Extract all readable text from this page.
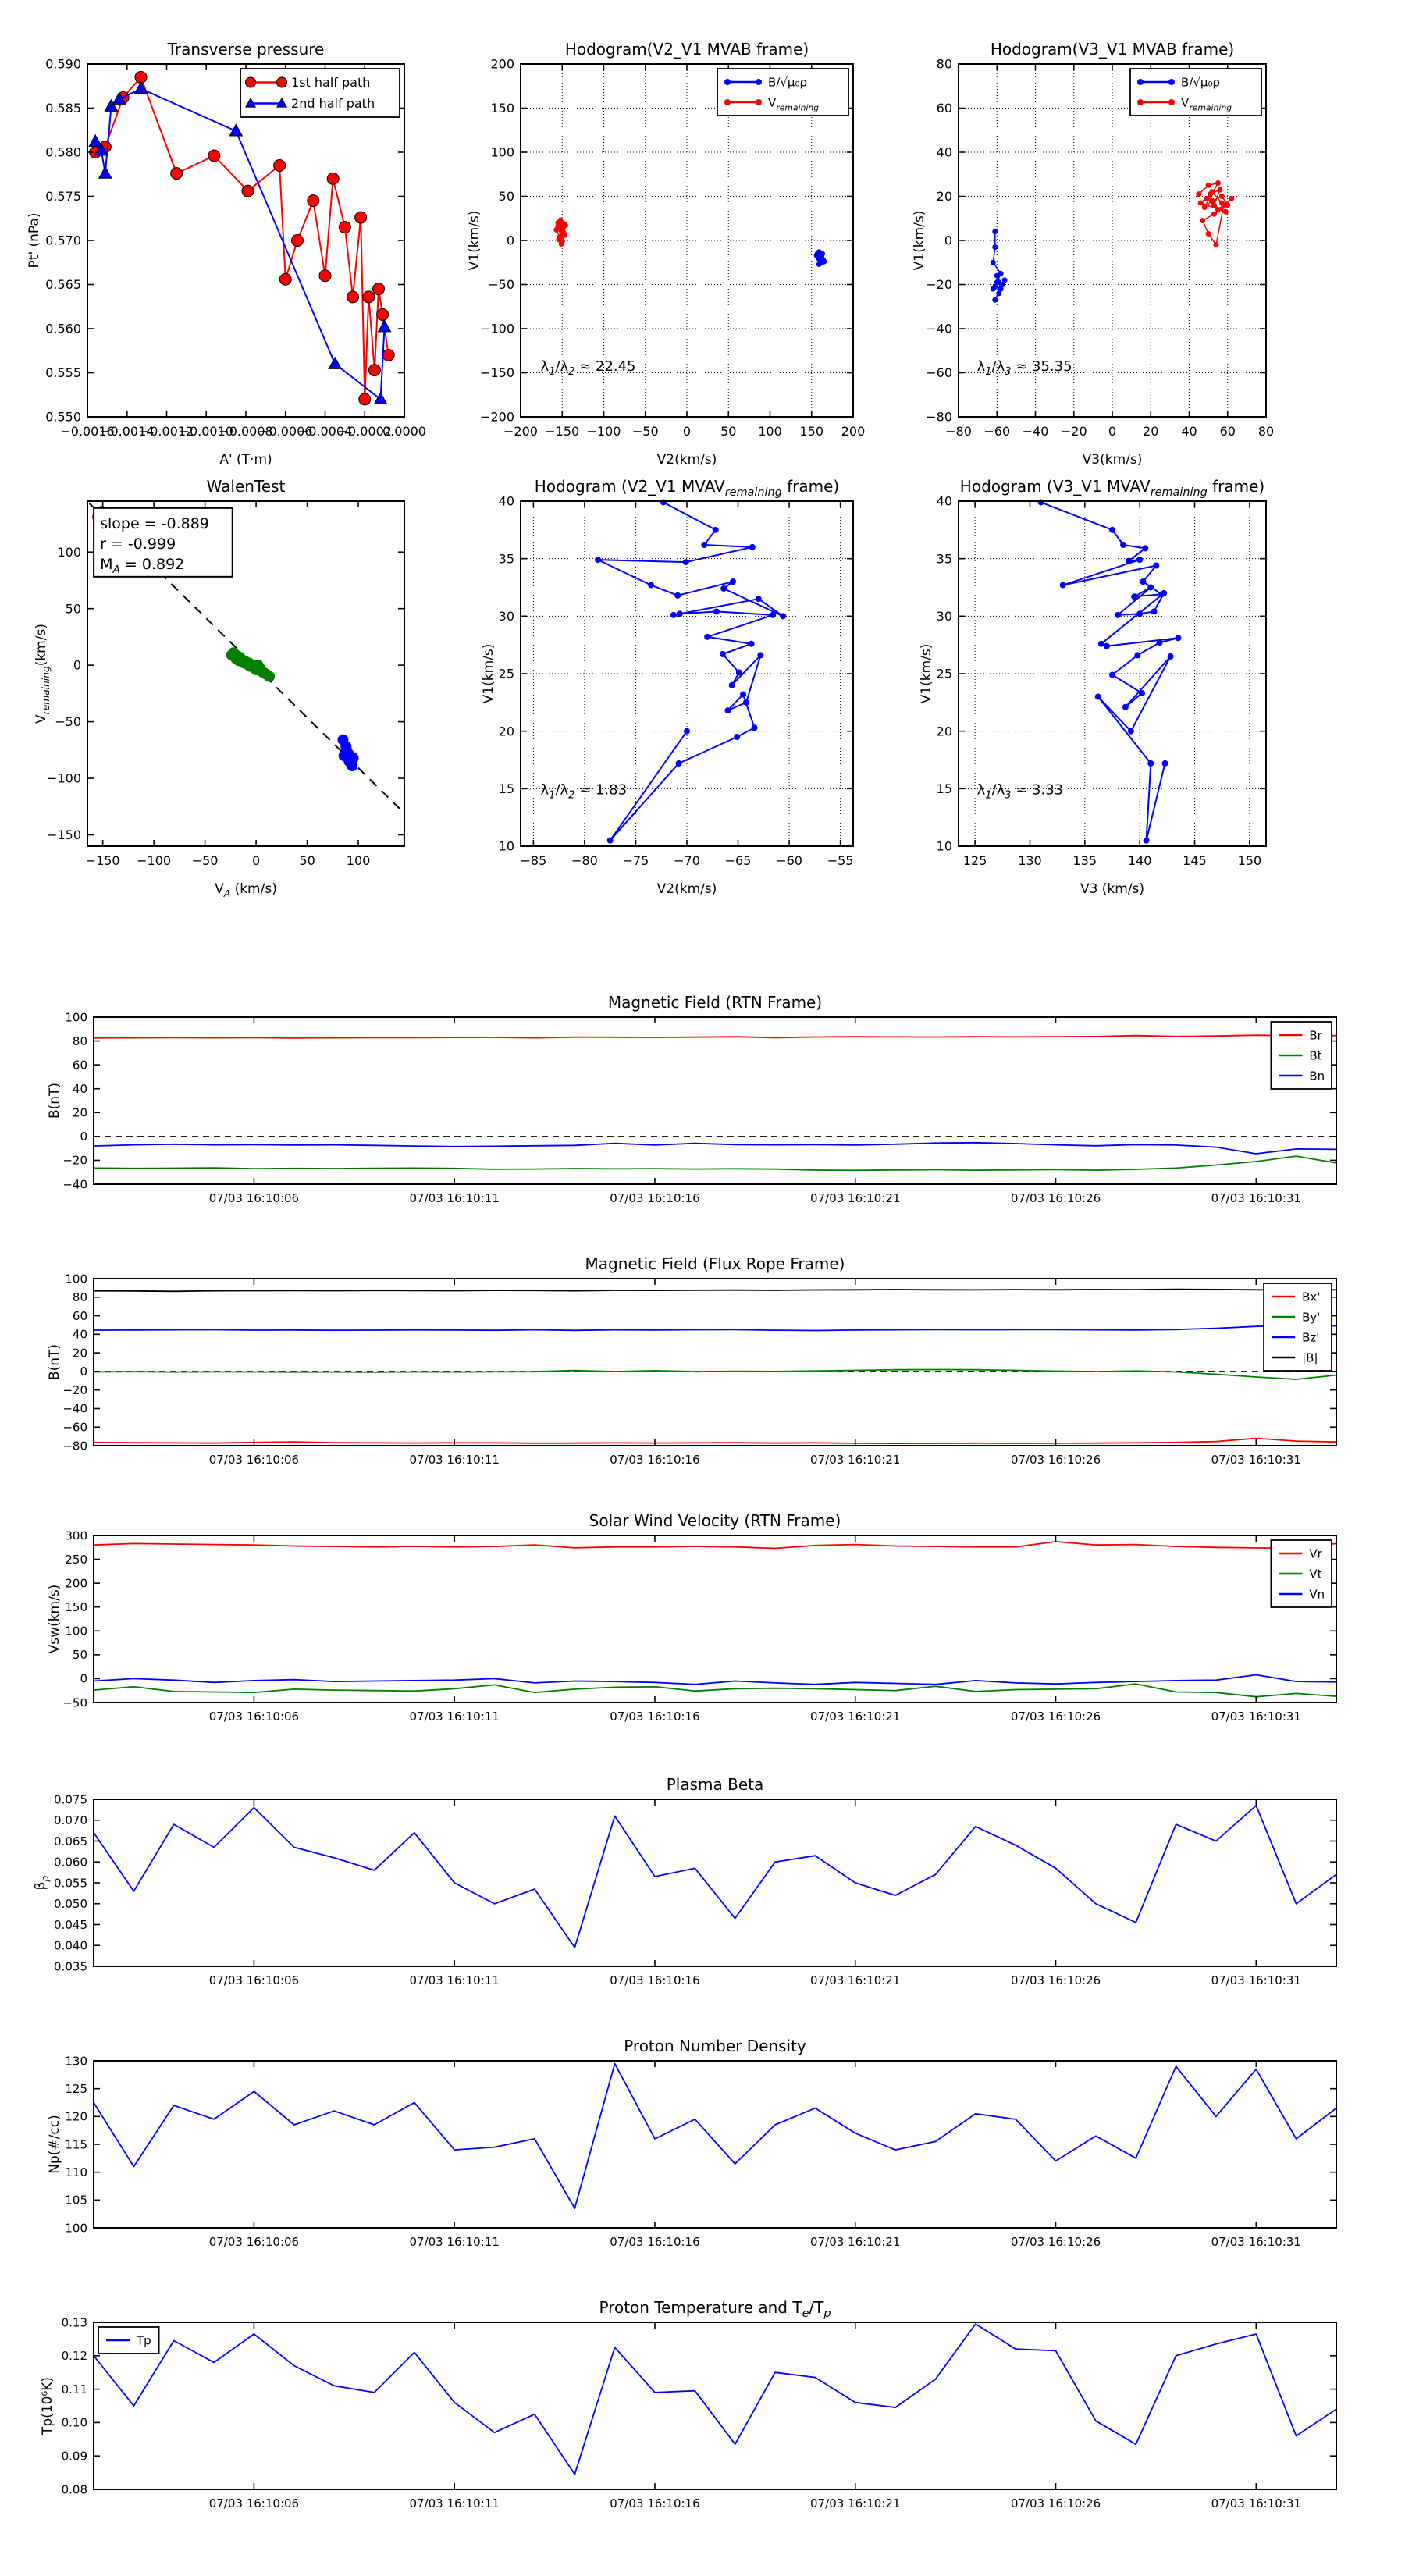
−0.0016
−0.0014
−0.0012
−0.0010
−0.0008
−0.0006
−0.0004
−0.0002
0.0000
0.550
0.555
0.560
0.565
0.570
0.575
0.580
0.585
0.590
Transverse pressure
A' (T·m)
Pt' (nPa)
1st half path
2nd half path
−200 −150 −100 −50 0 50 100 150 200
−200
−150
−100
−50
0
50
100
150
200
Hodogram(V2_V1 MVAB frame)
V2(km/s)
V1(km/s)
B/√μ₀ρ
$V_{remaining}$
$\lambda_1/\lambda_2 \approx 22.45$
−80 −60 −40 −20 0 20 40 60 80
−80
−60
−40
−20
0
20
40
60
80
Hodogram(V3_V1 MVAB frame)
V3(km/s)
V1(km/s)
B/√μ₀ρ
$V_{remaining}$
$\lambda_1/\lambda_3 \approx 35.35$
−150 −100 −50	0	50	100
−150
−100
−50
0
50
100
WalenTest
$V_A$ (km/s)
$V_{remaining}(km/s)$
slope = -0.889
r = -0.999
$M_A = 0.892$
−85 −80 −75 −70 −65 −60 −55
10
15
20
25
30
35
40
Hodogram (V2_V1 $MVAV_{remaining}$ frame)
V2(km/s)
V1(km/s)
$\lambda_1/\lambda_2 \approx 1.83$
125 130 135 140 145 150
10
15
20
25
30
35
40
Hodogram (V3_V1 $MVAV_{remaining}$ frame)
V3 (km/s)
V1(km/s)
$\lambda_1/\lambda_3 \approx 3.33$
07/03 16:10:06	07/03 16:10:11	07/03 16:10:16	07/03 16:10:21	07/03 16:10:26	07/03 16:10:31
−40
−20
0
20
40
60
80
100
Magnetic Field (RTN Frame)
B(nT)
Br
Bt
Bn
07/03 16:10:06	07/03 16:10:11	07/03 16:10:16	07/03 16:10:21	07/03 16:10:26	07/03 16:10:31
−80
−60
−40
−20
0
20
40
60
80
100
Magnetic Field (Flux Rope Frame)
B(nT)
Bx'
By'
Bz'
|B|
07/03 16:10:06	07/03 16:10:11	07/03 16:10:16	07/03 16:10:21	07/03 16:10:26	07/03 16:10:31
−50
0
50
100
150
200
250
300
Solar Wind Velocity (RTN Frame)
Vsw(km/s)
Vr
Vt
Vn
07/03 16:10:06	07/03 16:10:11	07/03 16:10:16	07/03 16:10:21	07/03 16:10:26	07/03 16:10:31
0.035
0.040
0.045
0.050
0.055
0.060
0.065
0.070
0.075
Plasma Beta
$\beta_p$
07/03 16:10:06	07/03 16:10:11	07/03 16:10:16	07/03 16:10:21	07/03 16:10:26	07/03 16:10:31
100
105
110
115
120
125
130
Proton Number Density
Np(#/cc)
07/03 16:10:06	07/03 16:10:11	07/03 16:10:16	07/03 16:10:21	07/03 16:10:26	07/03 16:10:31
0.08
0.09
0.10
0.11
0.12
0.13
Proton Temperature and $T_e/T_p$
Tp(10⁶K)
Tp
